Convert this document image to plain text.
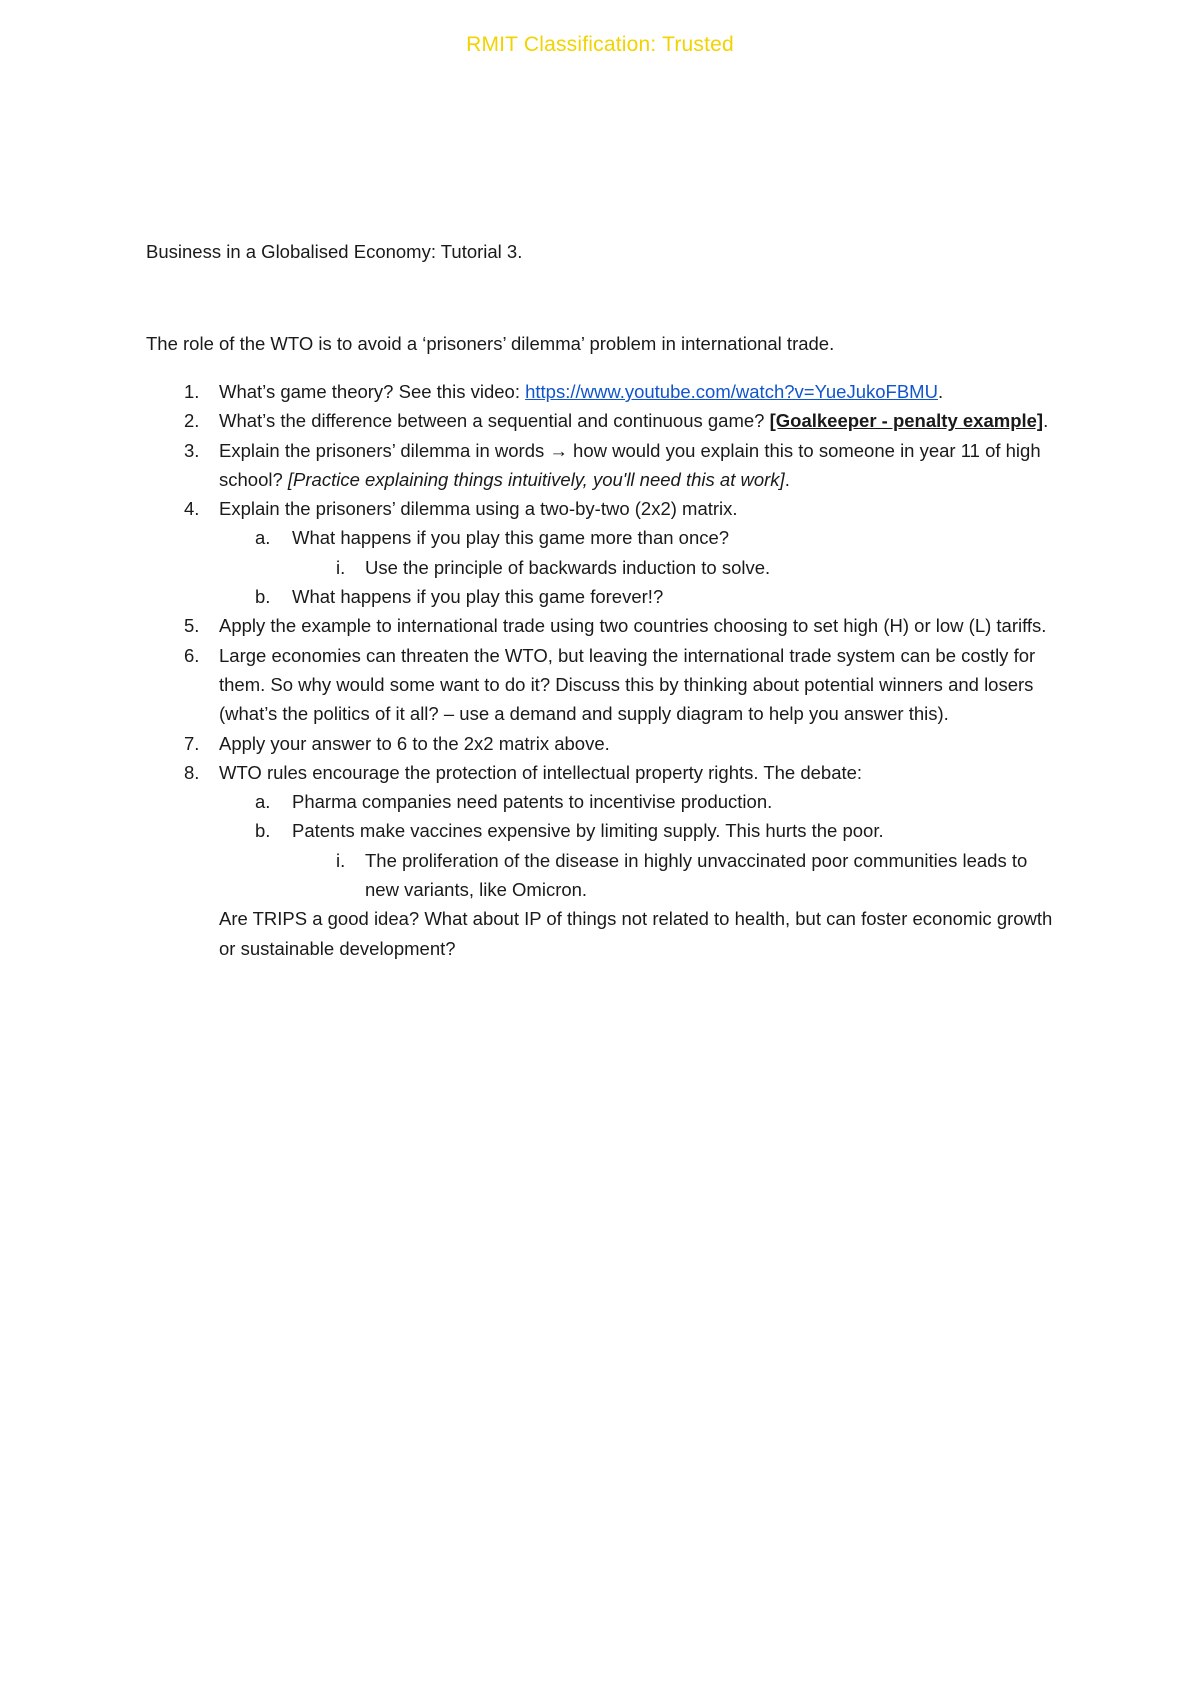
RMIT Classification: Trusted
Business in a Globalised Economy: Tutorial 3.
The role of the WTO is to avoid a ‘prisoners’ dilemma’ problem in international trade.
1. What’s game theory? See this video: https://www.youtube.com/watch?v=YueJukoFBMU.
2. What’s the difference between a sequential and continuous game? [Goalkeeper - penalty example].
3. Explain the prisoners’ dilemma in words → how would you explain this to someone in year 11 of high school? [Practice explaining things intuitively, you'll need this at work].
4. Explain the prisoners’ dilemma using a two-by-two (2x2) matrix.
a. What happens if you play this game more than once?
i. Use the principle of backwards induction to solve.
b. What happens if you play this game forever!?
5. Apply the example to international trade using two countries choosing to set high (H) or low (L) tariffs.
6. Large economies can threaten the WTO, but leaving the international trade system can be costly for them. So why would some want to do it? Discuss this by thinking about potential winners and losers (what’s the politics of it all? – use a demand and supply diagram to help you answer this).
7. Apply your answer to 6 to the 2x2 matrix above.
8. WTO rules encourage the protection of intellectual property rights. The debate:
a. Pharma companies need patents to incentivise production.
b. Patents make vaccines expensive by limiting supply. This hurts the poor.
i. The proliferation of the disease in highly unvaccinated poor communities leads to new variants, like Omicron.
Are TRIPS a good idea? What about IP of things not related to health, but can foster economic growth or sustainable development?
